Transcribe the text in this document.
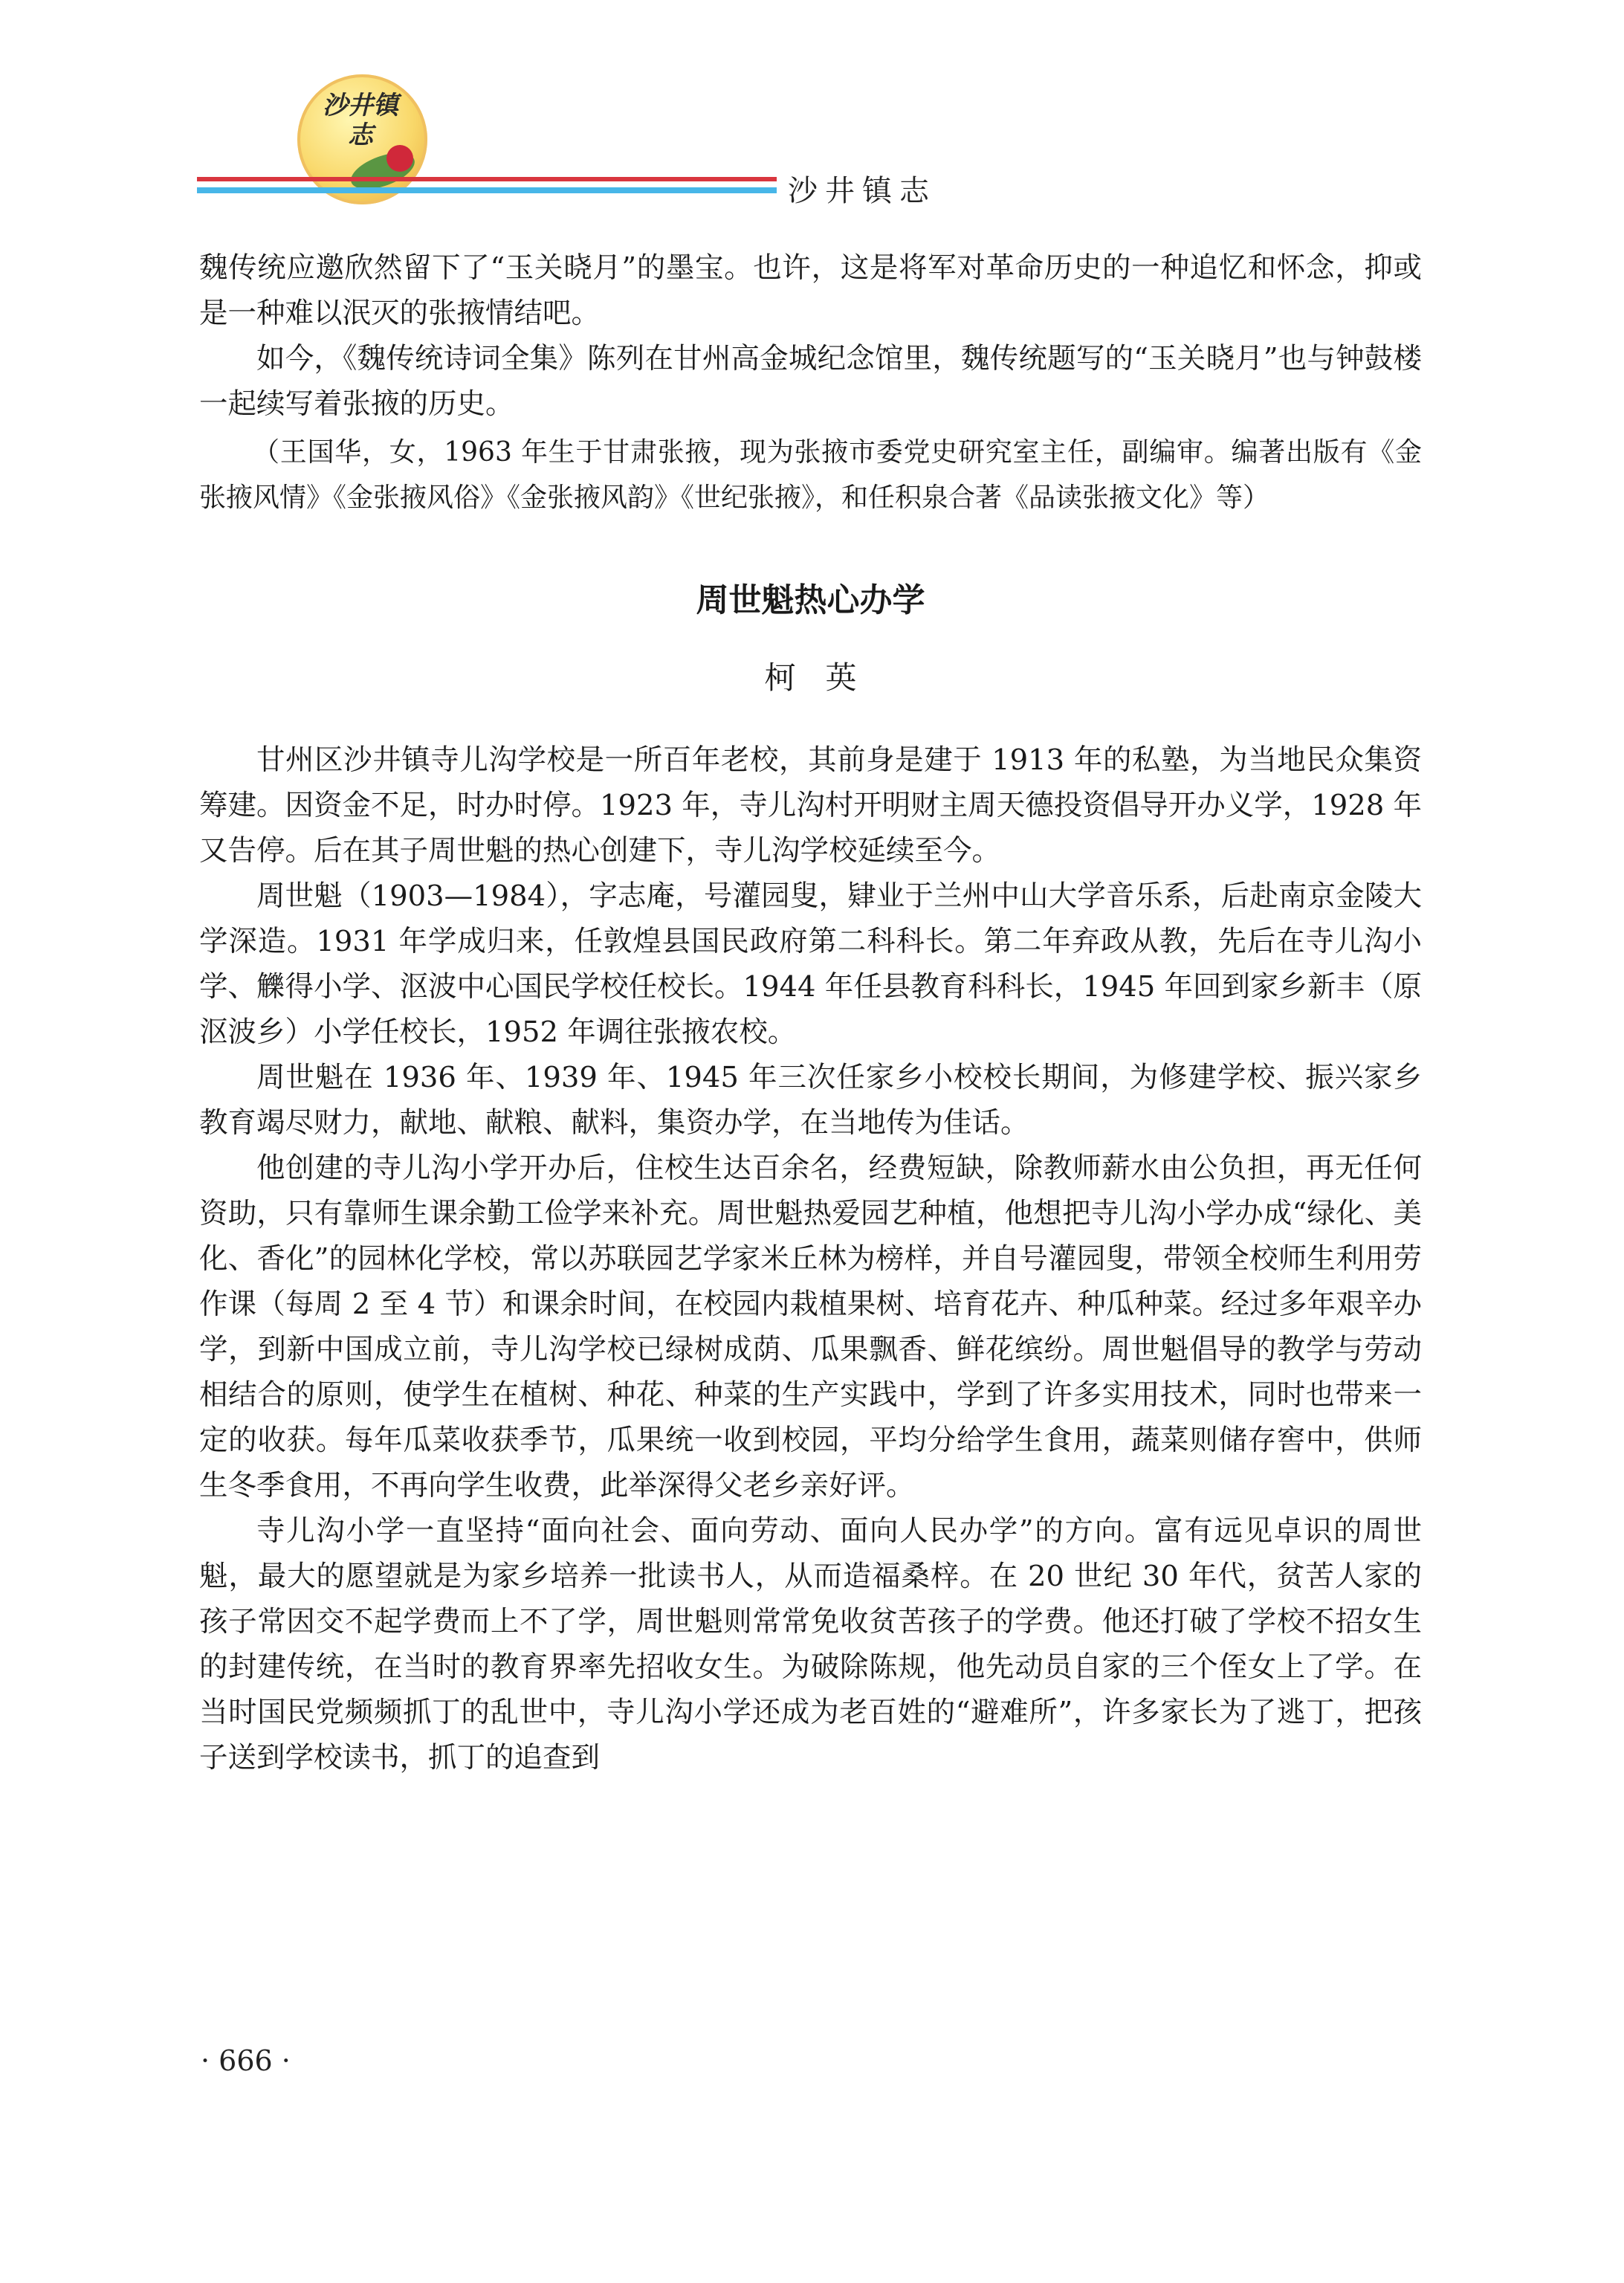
沙井镇志
沙井镇志

魏传统应邀欣然留下了“玉关晓月”的墨宝。也许，这是将军对革命历史的一种追忆和怀念，抑或是一种难以泯灭的张掖情结吧。

如今，《魏传统诗词全集》陈列在甘州高金城纪念馆里，魏传统题写的“玉关晓月”也与钟鼓楼一起续写着张掖的历史。

（王国华，女，1963 年生于甘肃张掖，现为张掖市委党史研究室主任，副编审。编著出版有《金张掖风情》《金张掖风俗》《金张掖风韵》《世纪张掖》，和任积泉合著《品读张掖文化》等）

周世魁热心办学
柯英

甘州区沙井镇寺儿沟学校是一所百年老校，其前身是建于 1913 年的私塾，为当地民众集资筹建。因资金不足，时办时停。1923 年，寺儿沟村开明财主周天德投资倡导开办义学，1928 年又告停。后在其子周世魁的热心创建下，寺儿沟学校延续至今。

周世魁（1903—1984），字志庵，号灌园叟，肄业于兰州中山大学音乐系，后赴南京金陵大学深造。1931 年学成归来，任敦煌县国民政府第二科科长。第二年弃政从教，先后在寺儿沟小学、觻得小学、沤波中心国民学校任校长。1944 年任县教育科科长，1945 年回到家乡新丰（原沤波乡）小学任校长，1952 年调往张掖农校。

周世魁在 1936 年、1939 年、1945 年三次任家乡小校校长期间，为修建学校、振兴家乡教育竭尽财力，献地、献粮、献料，集资办学，在当地传为佳话。

他创建的寺儿沟小学开办后，住校生达百余名，经费短缺，除教师薪水由公负担，再无任何资助，只有靠师生课余勤工俭学来补充。周世魁热爱园艺种植，他想把寺儿沟小学办成“绿化、美化、香化”的园林化学校，常以苏联园艺学家米丘林为榜样，并自号灌园叟，带领全校师生利用劳作课（每周 2 至 4 节）和课余时间，在校园内栽植果树、培育花卉、种瓜种菜。经过多年艰辛办学，到新中国成立前，寺儿沟学校已绿树成荫、瓜果飘香、鲜花缤纷。周世魁倡导的教学与劳动相结合的原则，使学生在植树、种花、种菜的生产实践中，学到了许多实用技术，同时也带来一定的收获。每年瓜菜收获季节，瓜果统一收到校园，平均分给学生食用，蔬菜则储存窖中，供师生冬季食用，不再向学生收费，此举深得父老乡亲好评。

寺儿沟小学一直坚持“面向社会、面向劳动、面向人民办学”的方向。富有远见卓识的周世魁，最大的愿望就是为家乡培养一批读书人，从而造福桑梓。在 20 世纪 30 年代，贫苦人家的孩子常因交不起学费而上不了学，周世魁则常常免收贫苦孩子的学费。他还打破了学校不招女生的封建传统，在当时的教育界率先招收女生。为破除陈规，他先动员自家的三个侄女上了学。在当时国民党频频抓丁的乱世中，寺儿沟小学还成为老百姓的“避难所”，许多家长为了逃丁，把孩子送到学校读书，抓丁的追查到

· 666 ·
